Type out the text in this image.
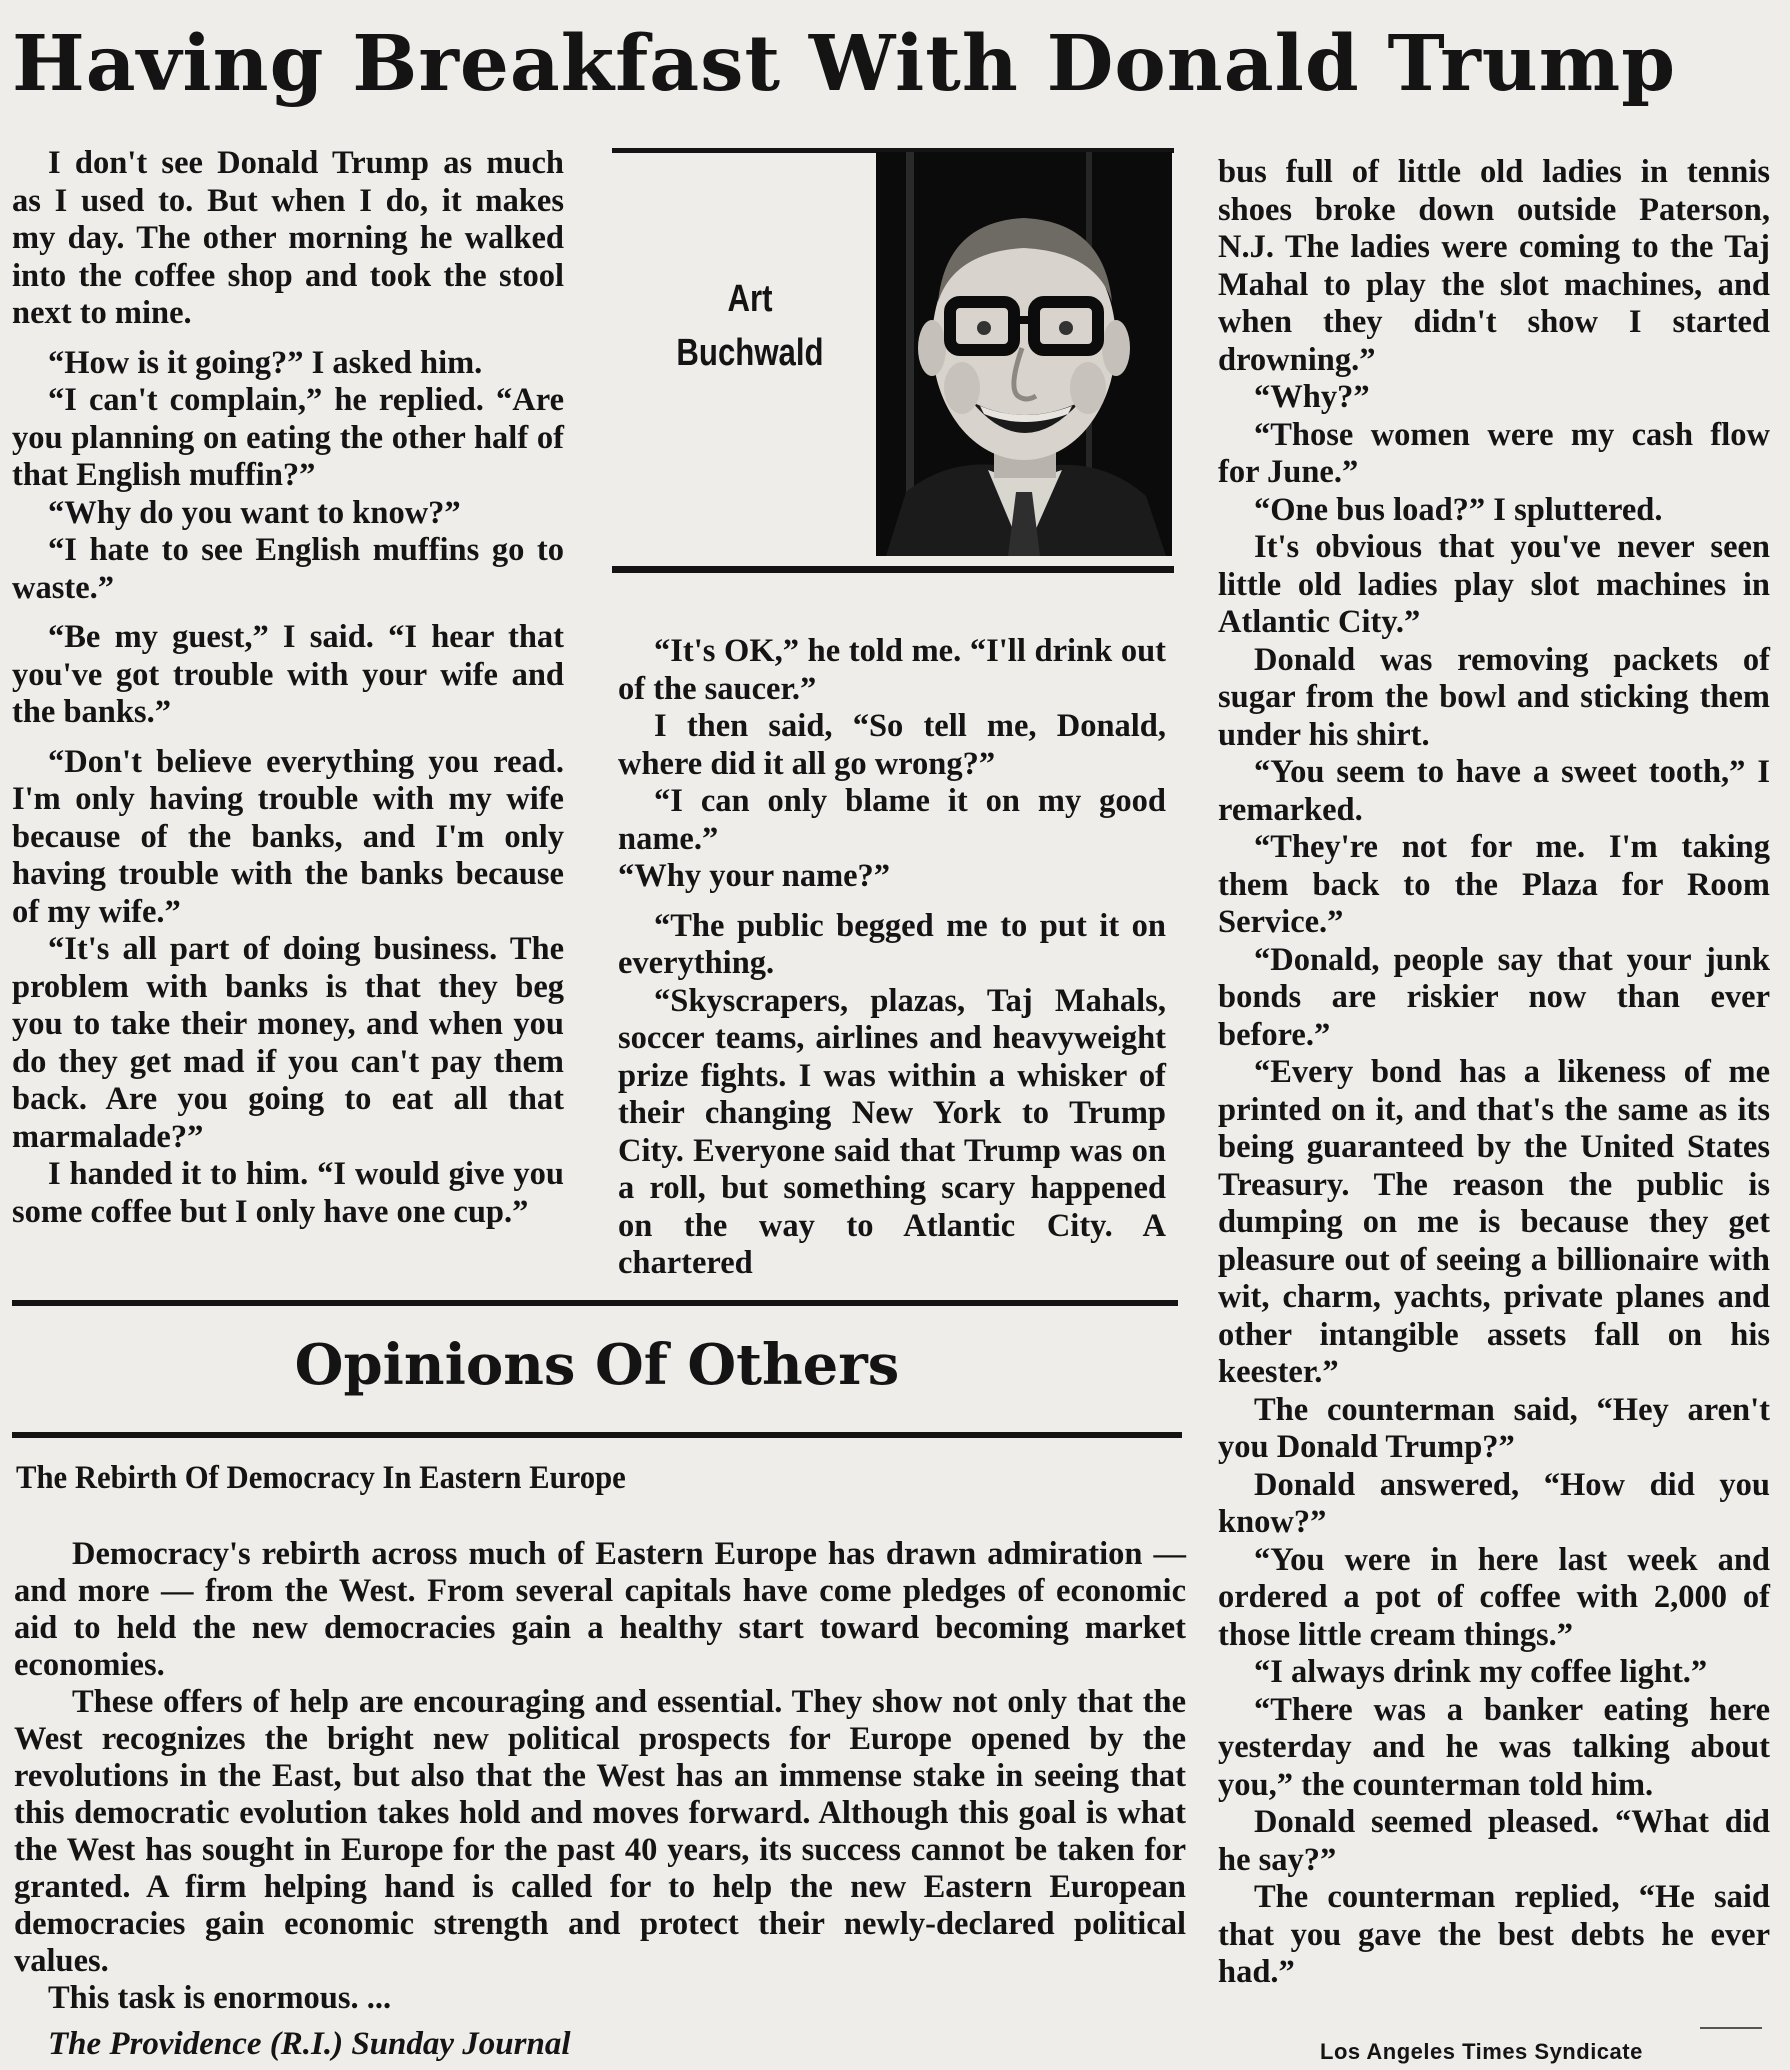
Having Breakfast With Donald Trump

I don't see Donald Trump as much as I used to. But when I do, it makes my day. The other morning he walked into the coffee shop and took the stool next to mine.

“How is it going?” I asked him.

“I can't complain,” he replied. “Are you planning on eating the other half of that English muffin?”

“Why do you want to know?”

“I hate to see English muffins go to waste.”

“Be my guest,” I said. “I hear that you've got trouble with your wife and the banks.”

“Don't believe everything you read. I'm only having trouble with my wife because of the banks, and I'm only having trouble with the banks because of my wife.”

“It's all part of doing business. The problem with banks is that they beg you to take their money, and when you do they get mad if you can't pay them back. Are you going to eat all that marmalade?”

I handed it to him. “I would give you some coffee but I only have one cup.”

Art
Buchwald

“It's OK,” he told me. “I'll drink out of the saucer.”

I then said, “So tell me, Donald, where did it all go wrong?”

“I can only blame it on my good name.”

“Why your name?”

“The public begged me to put it on everything.

“Skyscrapers, plazas, Taj Mahals, soccer teams, airlines and heavyweight prize fights. I was within a whisker of their changing New York to Trump City. Everyone said that Trump was on a roll, but something scary happened on the way to Atlantic City. A chartered

bus full of little old ladies in tennis shoes broke down outside Paterson, N.J. The ladies were coming to the Taj Mahal to play the slot machines, and when they didn't show I started drowning.”

“Why?”

“Those women were my cash flow for June.”

“One bus load?” I spluttered.

It's obvious that you've never seen little old ladies play slot machines in Atlantic City.”

Donald was removing packets of sugar from the bowl and sticking them under his shirt.

“You seem to have a sweet tooth,” I remarked.

“They're not for me. I'm taking them back to the Plaza for Room Service.”

“Donald, people say that your junk bonds are riskier now than ever before.”

“Every bond has a likeness of me printed on it, and that's the same as its being guaranteed by the United States Treasury. The reason the public is dumping on me is because they get pleasure out of seeing a billionaire with wit, charm, yachts, private planes and other intangible assets fall on his keester.”

The counterman said, “Hey aren't you Donald Trump?”

Donald answered, “How did you know?”

“You were in here last week and ordered a pot of coffee with 2,000 of those little cream things.”

“I always drink my coffee light.”

“There was a banker eating here yesterday and he was talking about you,” the counterman told him.

Donald seemed pleased. “What did he say?”

The counterman replied, “He said that you gave the best debts he ever had.”

Los Angeles Times Syndicate
Opinions Of Others
The Rebirth Of Democracy In Eastern Europe

Democracy's rebirth across much of Eastern Europe has drawn admiration — and more — from the West. From several capitals have come pledges of economic aid to held the new democracies gain a healthy start toward becoming market economies.

These offers of help are encouraging and essential. They show not only that the West recognizes the bright new political prospects for Europe opened by the revolutions in the East, but also that the West has an immense stake in seeing that this democratic evolution takes hold and moves forward. Although this goal is what the West has sought in Europe for the past 40 years, its success cannot be taken for granted. A firm helping hand is called for to help the new Eastern European democracies gain economic strength and protect their newly-declared political values.

This task is enormous. ...

The Providence (R.I.) Sunday Journal
